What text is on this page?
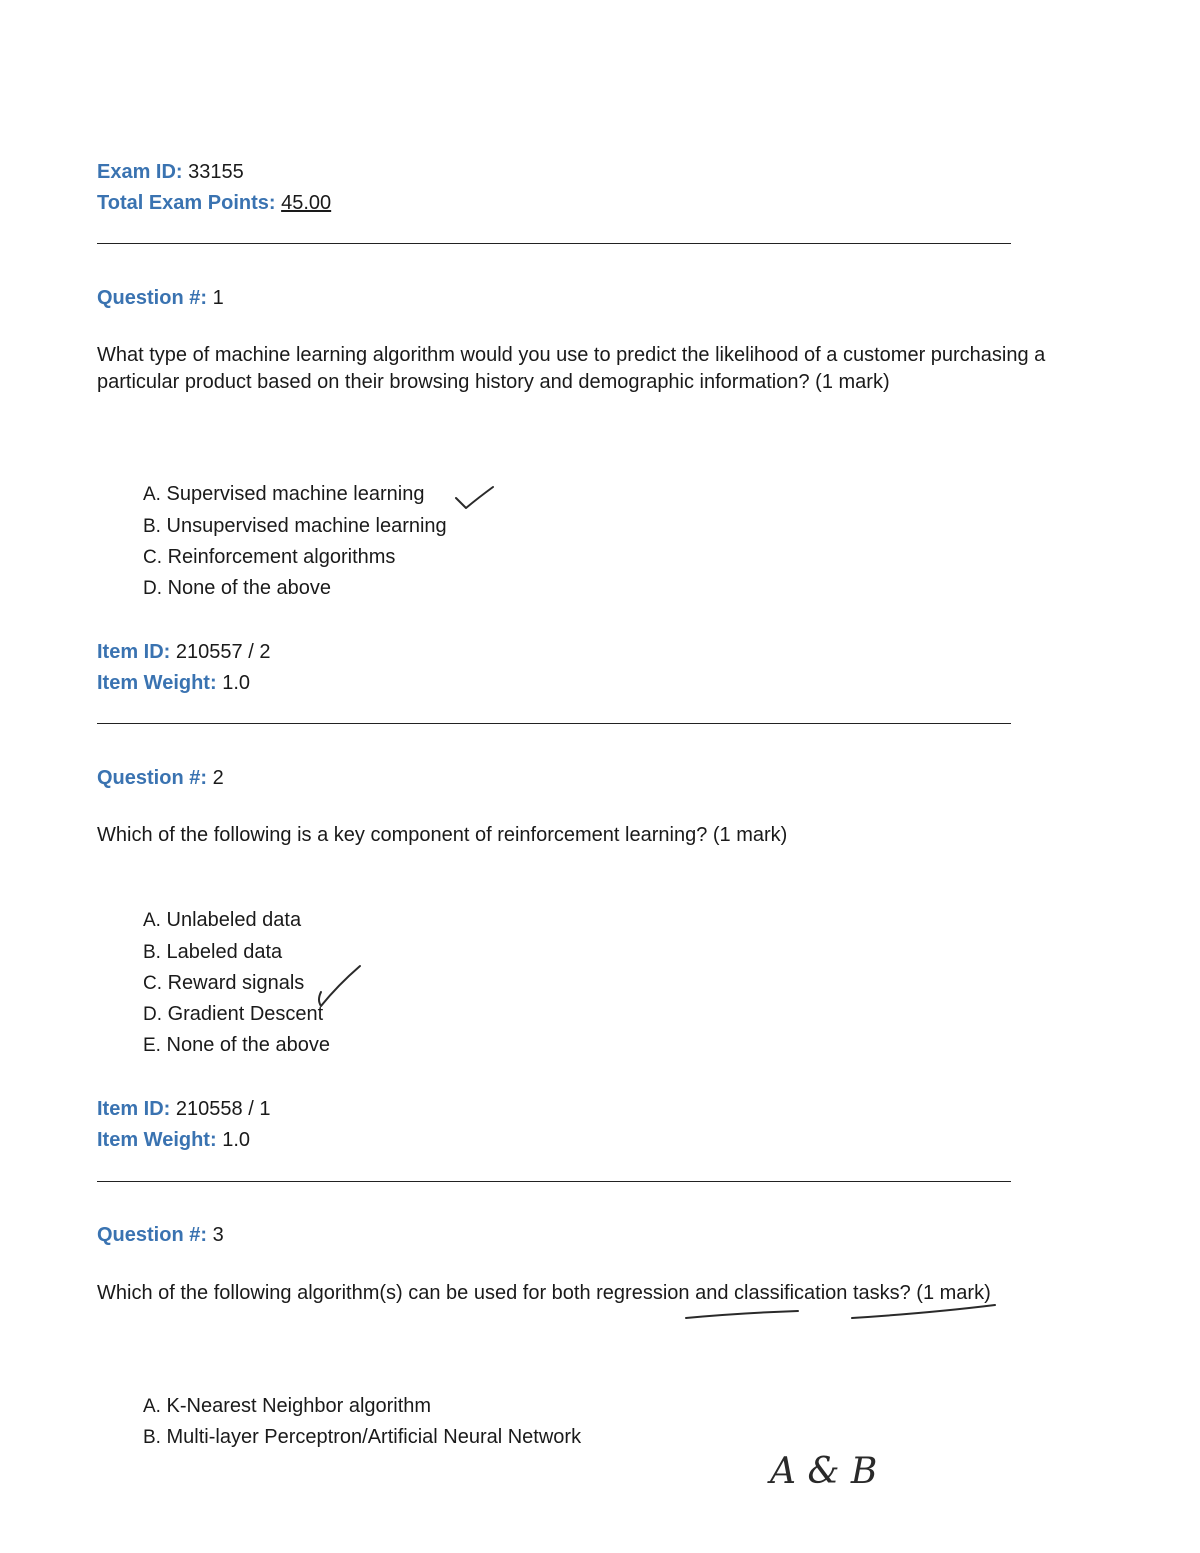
Exam ID: 33155
Total Exam Points: 45.00
Question #: 1
What type of machine learning algorithm would you use to predict the likelihood of a customer purchasing a particular product based on their browsing history and demographic information? (1 mark)
A. Supervised machine learning
B. Unsupervised machine learning
C. Reinforcement algorithms
D. None of the above
Item ID: 210557 / 2
Item Weight: 1.0
Question #: 2
Which of the following is a key component of reinforcement learning? (1 mark)
A. Unlabeled data
B. Labeled data
C. Reward signals
D. Gradient Descent
E. None of the above
Item ID: 210558 / 1
Item Weight: 1.0
Question #: 3
Which of the following algorithm(s) can be used for both regression and classification tasks? (1 mark)
A. K-Nearest Neighbor algorithm
B. Multi-layer Perceptron/Artificial Neural Network
A & B
